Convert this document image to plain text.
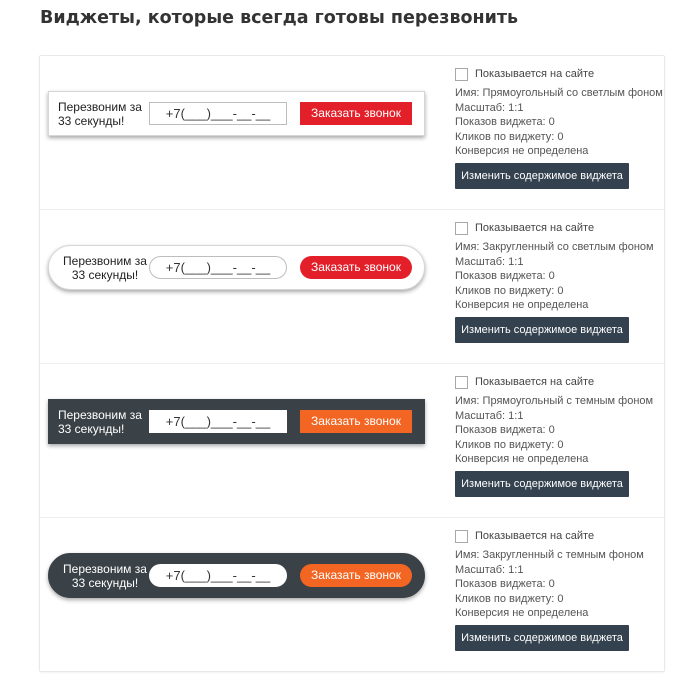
Виджеты, которые всегда готовы перезвонить
Перезвоним за
33 секунды!	+7(___)___-__-__	Заказать звонок
Показывается на сайте
Имя: Прямоугольный со светлым фоном
Масштаб: 1:1
Показов виджета: 0
Кликов по виджету: 0
Конверсия не определена
Изменить содержимое виджета
Перезвоним за
33 секунды!	+7(___)___-__-__	Заказать звонок
Показывается на сайте
Имя: Закругленный со светлым фоном
Масштаб: 1:1
Показов виджета: 0
Кликов по виджету: 0
Конверсия не определена
Изменить содержимое виджета
Перезвоним за
33 секунды!	+7(___)___-__-__	Заказать звонок
Показывается на сайте
Имя: Прямоугольный с темным фоном
Масштаб: 1:1
Показов виджета: 0
Кликов по виджету: 0
Конверсия не определена
Изменить содержимое виджета
Перезвоним за
33 секунды!	+7(___)___-__-__	Заказать звонок
Показывается на сайте
Имя: Закругленный с темным фоном
Масштаб: 1:1
Показов виджета: 0
Кликов по виджету: 0
Конверсия не определена
Изменить содержимое виджета
